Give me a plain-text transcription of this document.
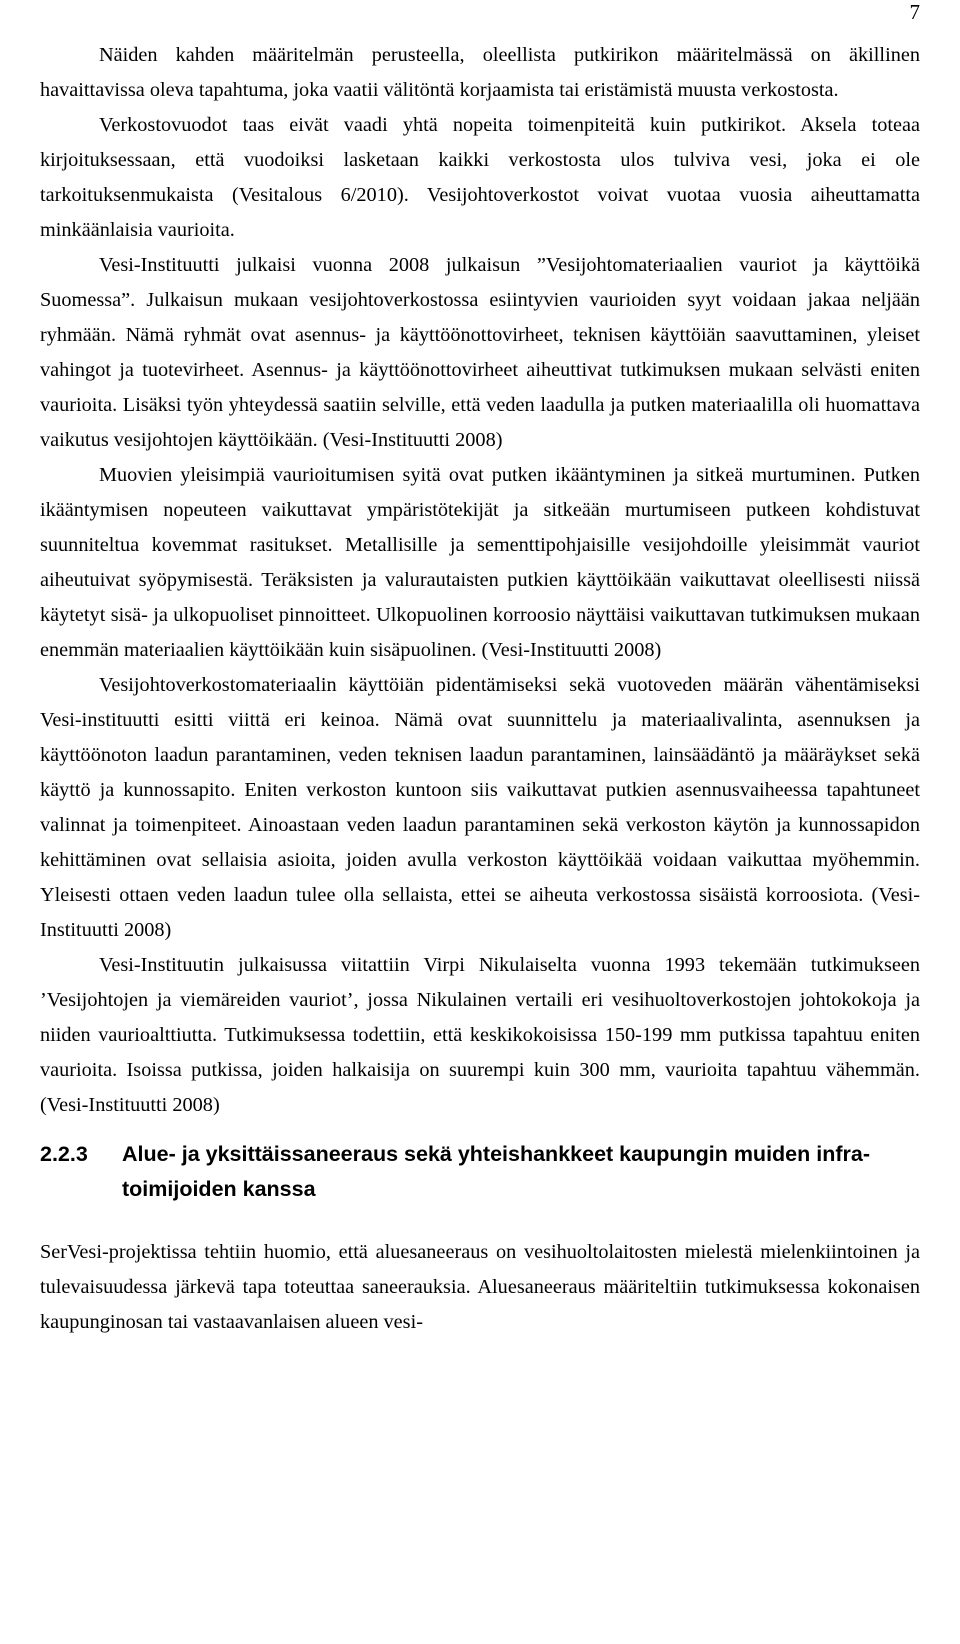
7

Näiden kahden määritelmän perusteella, oleellista putkirikon määritelmässä on äkillinen havaittavissa oleva tapahtuma, joka vaatii välitöntä korjaamista tai eristämistä muusta verkostosta.

Verkostovuodot taas eivät vaadi yhtä nopeita toimenpiteitä kuin putkirikot. Aksela toteaa kirjoituksessaan, että vuodoiksi lasketaan kaikki verkostosta ulos tulviva vesi, joka ei ole tarkoituksenmukaista (Vesitalous 6/2010). Vesijohtoverkostot voivat vuotaa vuosia aiheuttamatta minkäänlaisia vaurioita.

Vesi-Instituutti julkaisi vuonna 2008 julkaisun ”Vesijohtomateriaalien vauriot ja käyttöikä Suomessa”. Julkaisun mukaan vesijohtoverkostossa esiintyvien vaurioiden syyt voidaan jakaa neljään ryhmään. Nämä ryhmät ovat asennus- ja käyttöönottovirheet, teknisen käyttöiän saavuttaminen, yleiset vahingot ja tuotevirheet. Asennus- ja käyttöönottovirheet aiheuttivat tutkimuksen mukaan selvästi eniten vaurioita. Lisäksi työn yhteydessä saatiin selville, että veden laadulla ja putken materiaalilla oli huomattava vaikutus vesijohtojen käyttöikään. (Vesi-Instituutti 2008)

Muovien yleisimpiä vaurioitumisen syitä ovat putken ikääntyminen ja sitkeä murtuminen. Putken ikääntymisen nopeuteen vaikuttavat ympäristötekijät ja sitkeään murtumiseen putkeen kohdistuvat suunniteltua kovemmat rasitukset. Metallisille ja sementtipohjaisille vesijohdoille yleisimmät vauriot aiheutuivat syöpymisestä. Teräksisten ja valurautaisten putkien käyttöikään vaikuttavat oleellisesti niissä käytetyt sisä- ja ulkopuoliset pinnoitteet. Ulkopuolinen korroosio näyttäisi vaikuttavan tutkimuksen mukaan enemmän materiaalien käyttöikään kuin sisäpuolinen. (Vesi-Instituutti 2008)

Vesijohtoverkostomateriaalin käyttöiän pidentämiseksi sekä vuotoveden määrän vähentämiseksi Vesi-instituutti esitti viittä eri keinoa. Nämä ovat suunnittelu ja materiaalivalinta, asennuksen ja käyttöönoton laadun parantaminen, veden teknisen laadun parantaminen, lainsäädäntö ja määräykset sekä käyttö ja kunnossapito. Eniten verkoston kuntoon siis vaikuttavat putkien asennusvaiheessa tapahtuneet valinnat ja toimenpiteet. Ainoastaan veden laadun parantaminen sekä verkoston käytön ja kunnossapidon kehittäminen ovat sellaisia asioita, joiden avulla verkoston käyttöikää voidaan vaikuttaa myöhemmin. Yleisesti ottaen veden laadun tulee olla sellaista, ettei se aiheuta verkostossa sisäistä korroosiota. (Vesi-Instituutti 2008)

Vesi-Instituutin julkaisussa viitattiin Virpi Nikulaiselta vuonna 1993 tekemään tutkimukseen ’Vesijohtojen ja viemäreiden vauriot’, jossa Nikulainen vertaili eri vesihuoltoverkostojen johtokokoja ja niiden vaurioalttiutta. Tutkimuksessa todettiin, että keskikokoisissa 150-199 mm putkissa tapahtuu eniten vaurioita. Isoissa putkissa, joiden halkaisija on suurempi kuin 300 mm, vaurioita tapahtuu vähemmän. (Vesi-Instituutti 2008)

2.2.3	Alue- ja yksittäissaneeraus sekä yhteishankkeet kaupungin muiden infra-toimijoiden kanssa

SerVesi-projektissa tehtiin huomio, että aluesaneeraus on vesihuoltolaitosten mielestä mielenkiintoinen ja tulevaisuudessa järkevä tapa toteuttaa saneerauksia. Aluesaneeraus määriteltiin tutkimuksessa kokonaisen kaupunginosan tai vastaavanlaisen alueen vesi-
